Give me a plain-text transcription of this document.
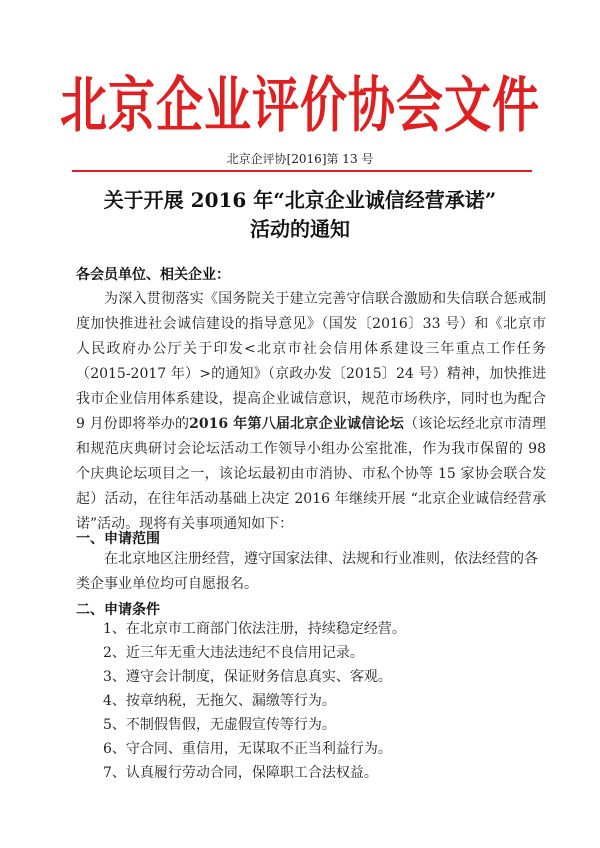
北京企业评价协会文件
北京企评协[2016]第 13 号
关于开展 2016 年“北京企业诚信经营承诺”
活动的通知
各会员单位、相关企业：
为深入贯彻落实《国务院关于建立完善守信联合激励和失信联合惩戒制度加快推进社会诚信建设的指导意见》（国发〔2016〕33 号）和《北京市人民政府办公厅关于印发<北京市社会信用体系建设三年重点工作任务（2015-2017 年）>的通知》（京政办发〔2015〕24 号）精神，加快推进我市企业信用体系建设，提高企业诚信意识，规范市场秩序，同时也为配合 9 月份即将举办的2016 年第八届北京企业诚信论坛（该论坛经北京市清理和规范庆典研讨会论坛活动工作领导小组办公室批准，作为我市保留的 98 个庆典论坛项目之一，该论坛最初由市消协、市私个协等 15 家协会联合发起）活动，在往年活动基础上决定 2016 年继续开展 “北京企业诚信经营承诺”活动。现将有关事项通知如下：
一、申请范围
在北京地区注册经营，遵守国家法律、法规和行业准则，依法经营的各类企事业单位均可自愿报名。
二、申请条件
1、在北京市工商部门依法注册，持续稳定经营。
2、近三年无重大违法违纪不良信用记录。
3、遵守会计制度，保证财务信息真实、客观。
4、按章纳税，无拖欠、漏缴等行为。
5、不制假售假，无虚假宣传等行为。
6、守合同、重信用，无谋取不正当利益行为。
7、认真履行劳动合同，保障职工合法权益。
